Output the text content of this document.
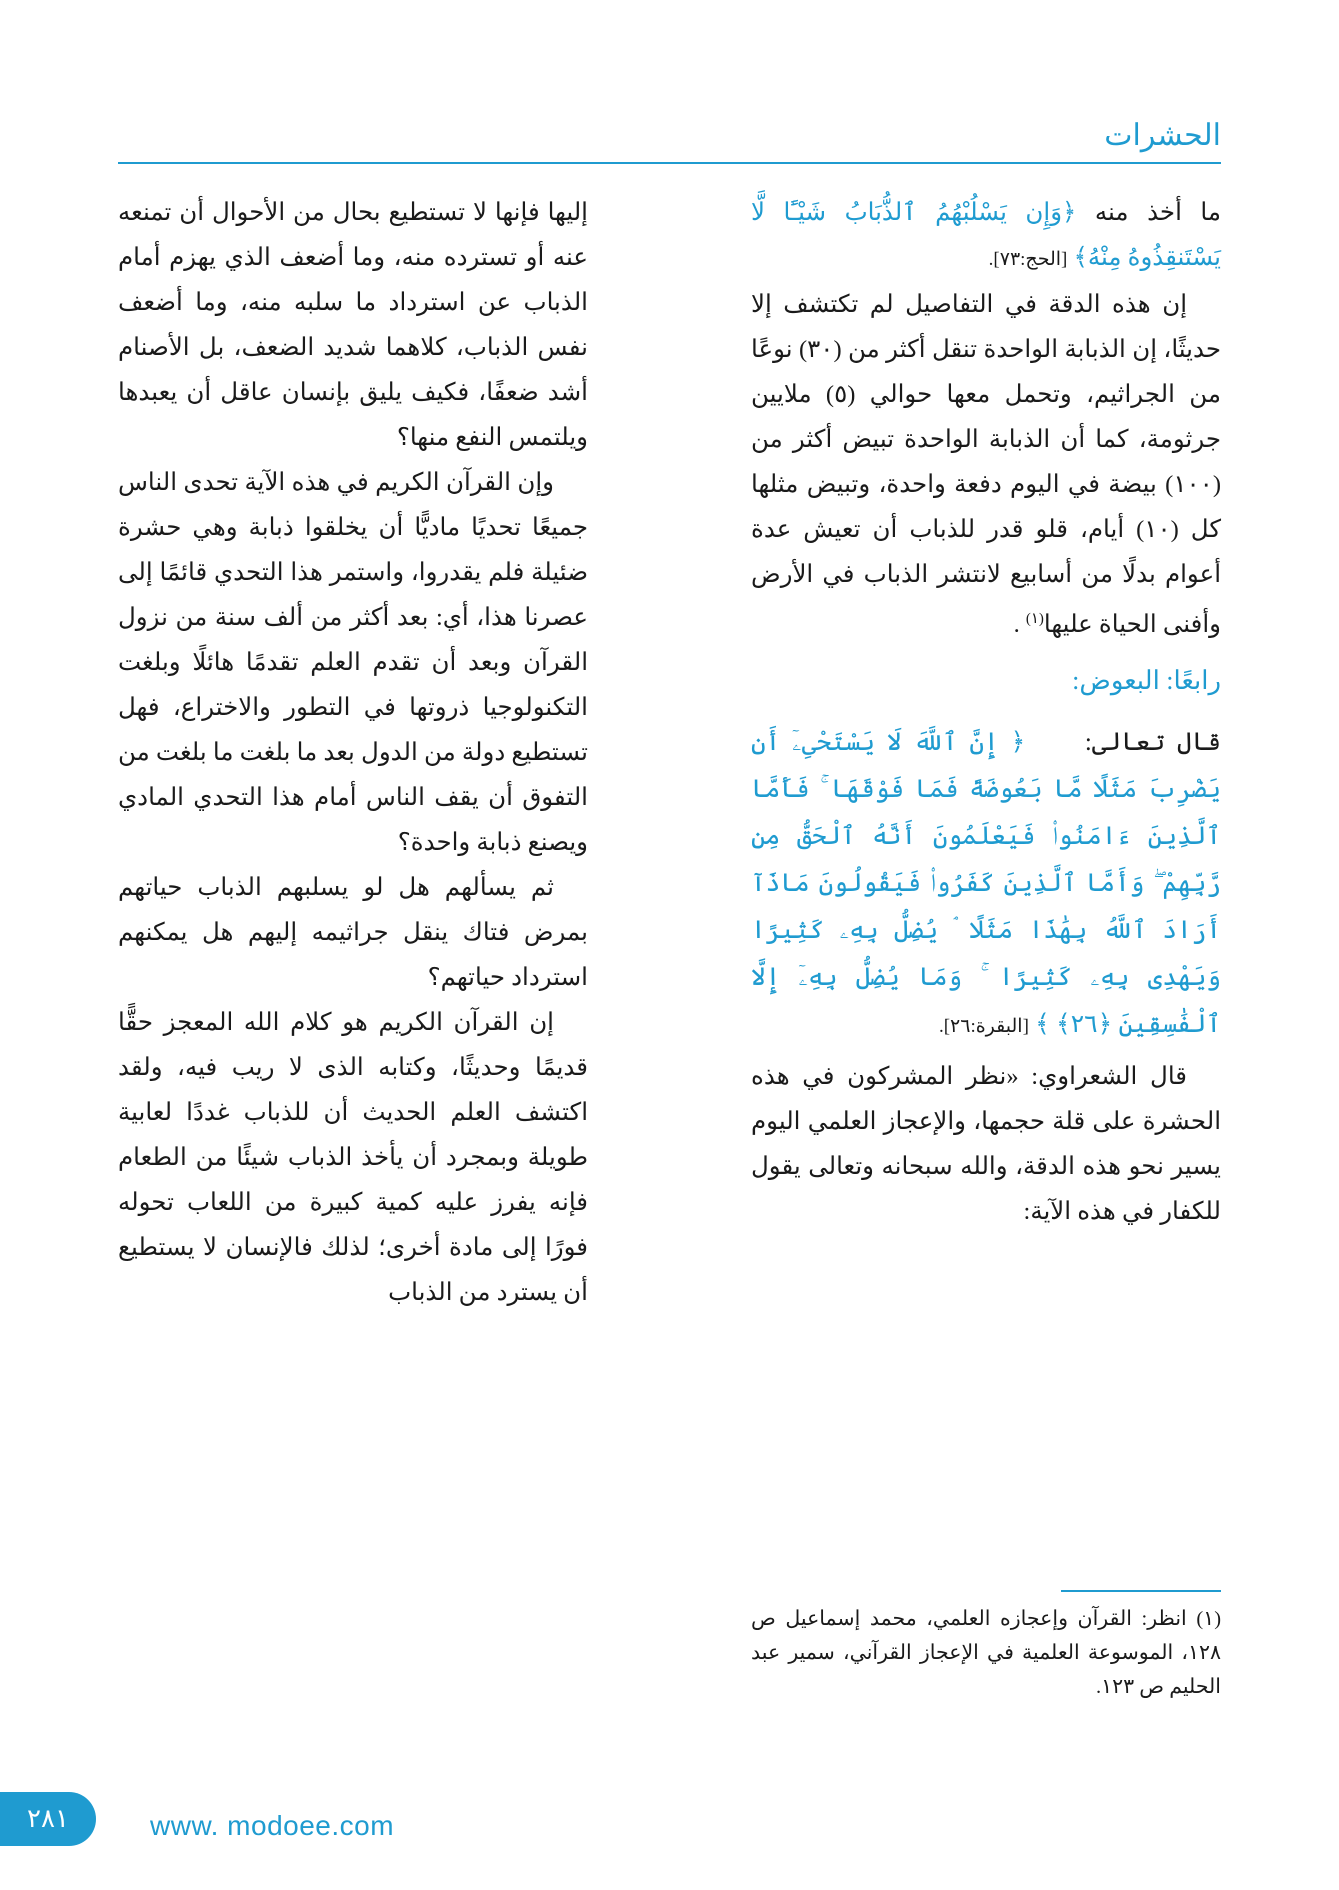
الحشرات

ما أخذ منه ﴿وَإِن يَسْلُبْهُمُ ٱلذُّبَابُ شَيْـًٔا لَّا يَسْتَنقِذُوهُ مِنْهُ﴾ [الحج:٧٣].

إن هذه الدقة في التفاصيل لم تكتشف إلا حديثًا، إن الذبابة الواحدة تنقل أكثر من (٣٠) نوعًا من الجراثيم، وتحمل معها حوالي (٥) ملايين جرثومة، كما أن الذبابة الواحدة تبيض أكثر من (١٠٠) بيضة في اليوم دفعة واحدة، وتبيض مثلها كل (١٠) أيام، قلو قدر للذباب أن تعيش عدة أعوام بدلًا من أسابيع لانتشر الذباب في الأرض وأفنى الحياة عليها$^{(١)}$ .

رابعًا: البعوض:

قال تعالى:     ﴿ إِنَّ ٱللَّهَ لَا يَسْتَحْىِۦٓ أَن يَضْرِبَ مَثَلًا مَّا بَعُوضَةً فَمَا فَوْقَهَا ۚ فَأَمَّا ٱلَّذِينَ ءَامَنُوا۟ فَيَعْلَمُونَ أَنَّهُ ٱلْحَقُّ مِن رَّبِّهِمْ ۖ وَأَمَّا ٱلَّذِينَ كَفَرُوا۟ فَيَقُولُونَ مَاذَآ أَرَادَ ٱللَّهُ بِهَٰذَا مَثَلًا ۘ يُضِلُّ بِهِۦ كَثِيرًا وَيَهْدِى بِهِۦ كَثِيرًا ۚ وَمَا يُضِلُّ بِهِۦٓ إِلَّا ٱلْفَٰسِقِينَ ﴿٢٦﴾ ﴾ [البقرة:٢٦].

قال الشعراوي: «نظر المشركون في هذه الحشرة على قلة حجمها، والإعجاز العلمي اليوم يسير نحو هذه الدقة، والله سبحانه وتعالى يقول للكفار في هذه الآية:

(١) انظر: القرآن وإعجازه العلمي، محمد إسماعيل ص ١٢٨، الموسوعة العلمية في الإعجاز القرآني، سمير عبد الحليم ص ١٢٣.

إليها فإنها لا تستطيع بحال من الأحوال أن تمنعه عنه أو تسترده منه، وما أضعف الذي يهزم أمام الذباب عن استرداد ما سلبه منه، وما أضعف نفس الذباب، كلاهما شديد الضعف، بل الأصنام أشد ضعفًا، فكيف يليق بإنسان عاقل أن يعبدها ويلتمس النفع منها؟

وإن القرآن الكريم في هذه الآية تحدى الناس جميعًا تحديًا ماديًّا أن يخلقوا ذبابة وهي حشرة ضئيلة فلم يقدروا، واستمر هذا التحدي قائمًا إلى عصرنا هذا، أي: بعد أكثر من ألف سنة من نزول القرآن وبعد أن تقدم العلم تقدمًا هائلًا وبلغت التكنولوجيا ذروتها في التطور والاختراع، فهل تستطيع دولة من الدول بعد ما بلغت ما بلغت من التفوق أن يقف الناس أمام هذا التحدي المادي ويصنع ذبابة واحدة؟

ثم يسألهم هل لو يسلبهم الذباب حياتهم بمرض فتاك ينقل جراثيمه إليهم هل يمكنهم استرداد حياتهم؟

إن القرآن الكريم هو كلام الله المعجز حقًّا قديمًا وحديثًا، وكتابه الذى لا ريب فيه، ولقد اكتشف العلم الحديث أن للذباب غددًا لعابية طويلة وبمجرد أن يأخذ الذباب شيئًا من الطعام فإنه يفرز عليه كمية كبيرة من اللعاب تحوله فورًا إلى مادة أخرى؛ لذلك فالإنسان لا يستطيع أن يسترد من الذباب

٢٨١	www. modoee.com
